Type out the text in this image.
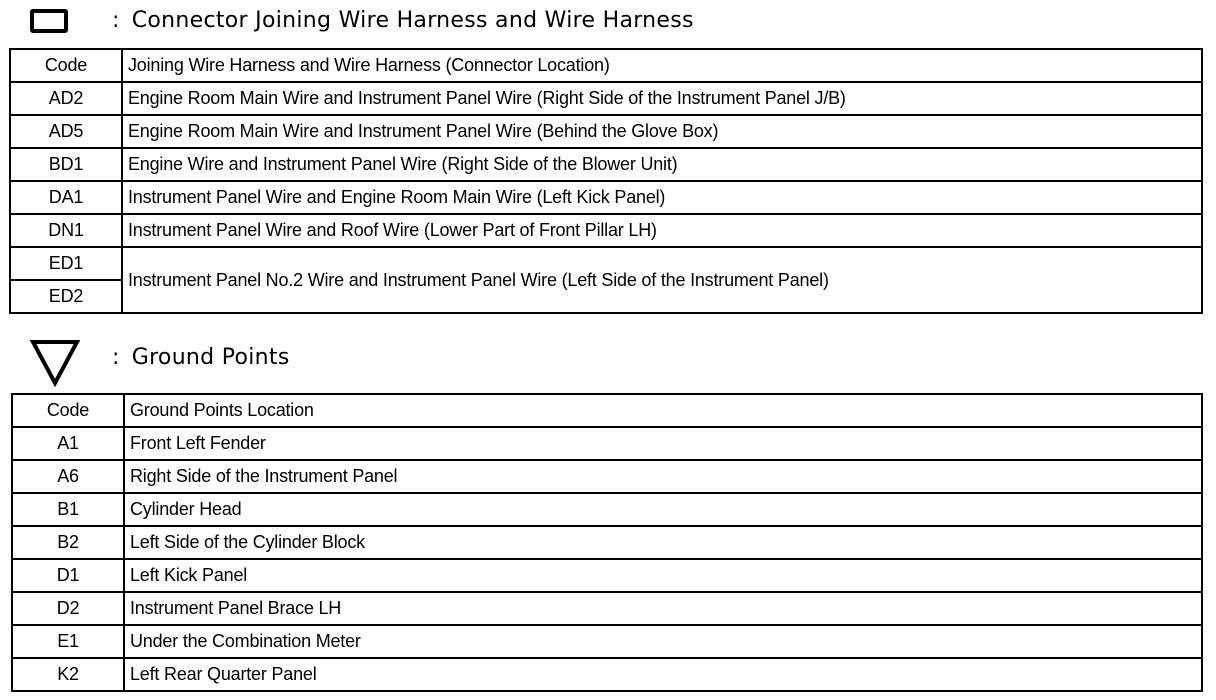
: Connector Joining Wire Harness and Wire Harness
Code	Joining Wire Harness and Wire Harness (Connector Location)
AD2	Engine Room Main Wire and Instrument Panel Wire (Right Side of the Instrument Panel J/B)
AD5	Engine Room Main Wire and Instrument Panel Wire (Behind the Glove Box)
BD1	Engine Wire and Instrument Panel Wire (Right Side of the Blower Unit)
DA1	Instrument Panel Wire and Engine Room Main Wire (Left Kick Panel)
DN1	Instrument Panel Wire and Roof Wire (Lower Part of Front Pillar LH)
ED1	Instrument Panel No.2 Wire and Instrument Panel Wire (Left Side of the Instrument Panel)
ED2	
: Ground Points
Code	Ground Points Location
A1	Front Left Fender
A6	Right Side of the Instrument Panel
B1	Cylinder Head
B2	Left Side of the Cylinder Block
D1	Left Kick Panel
D2	Instrument Panel Brace LH
E1	Under the Combination Meter
K2	Left Rear Quarter Panel
